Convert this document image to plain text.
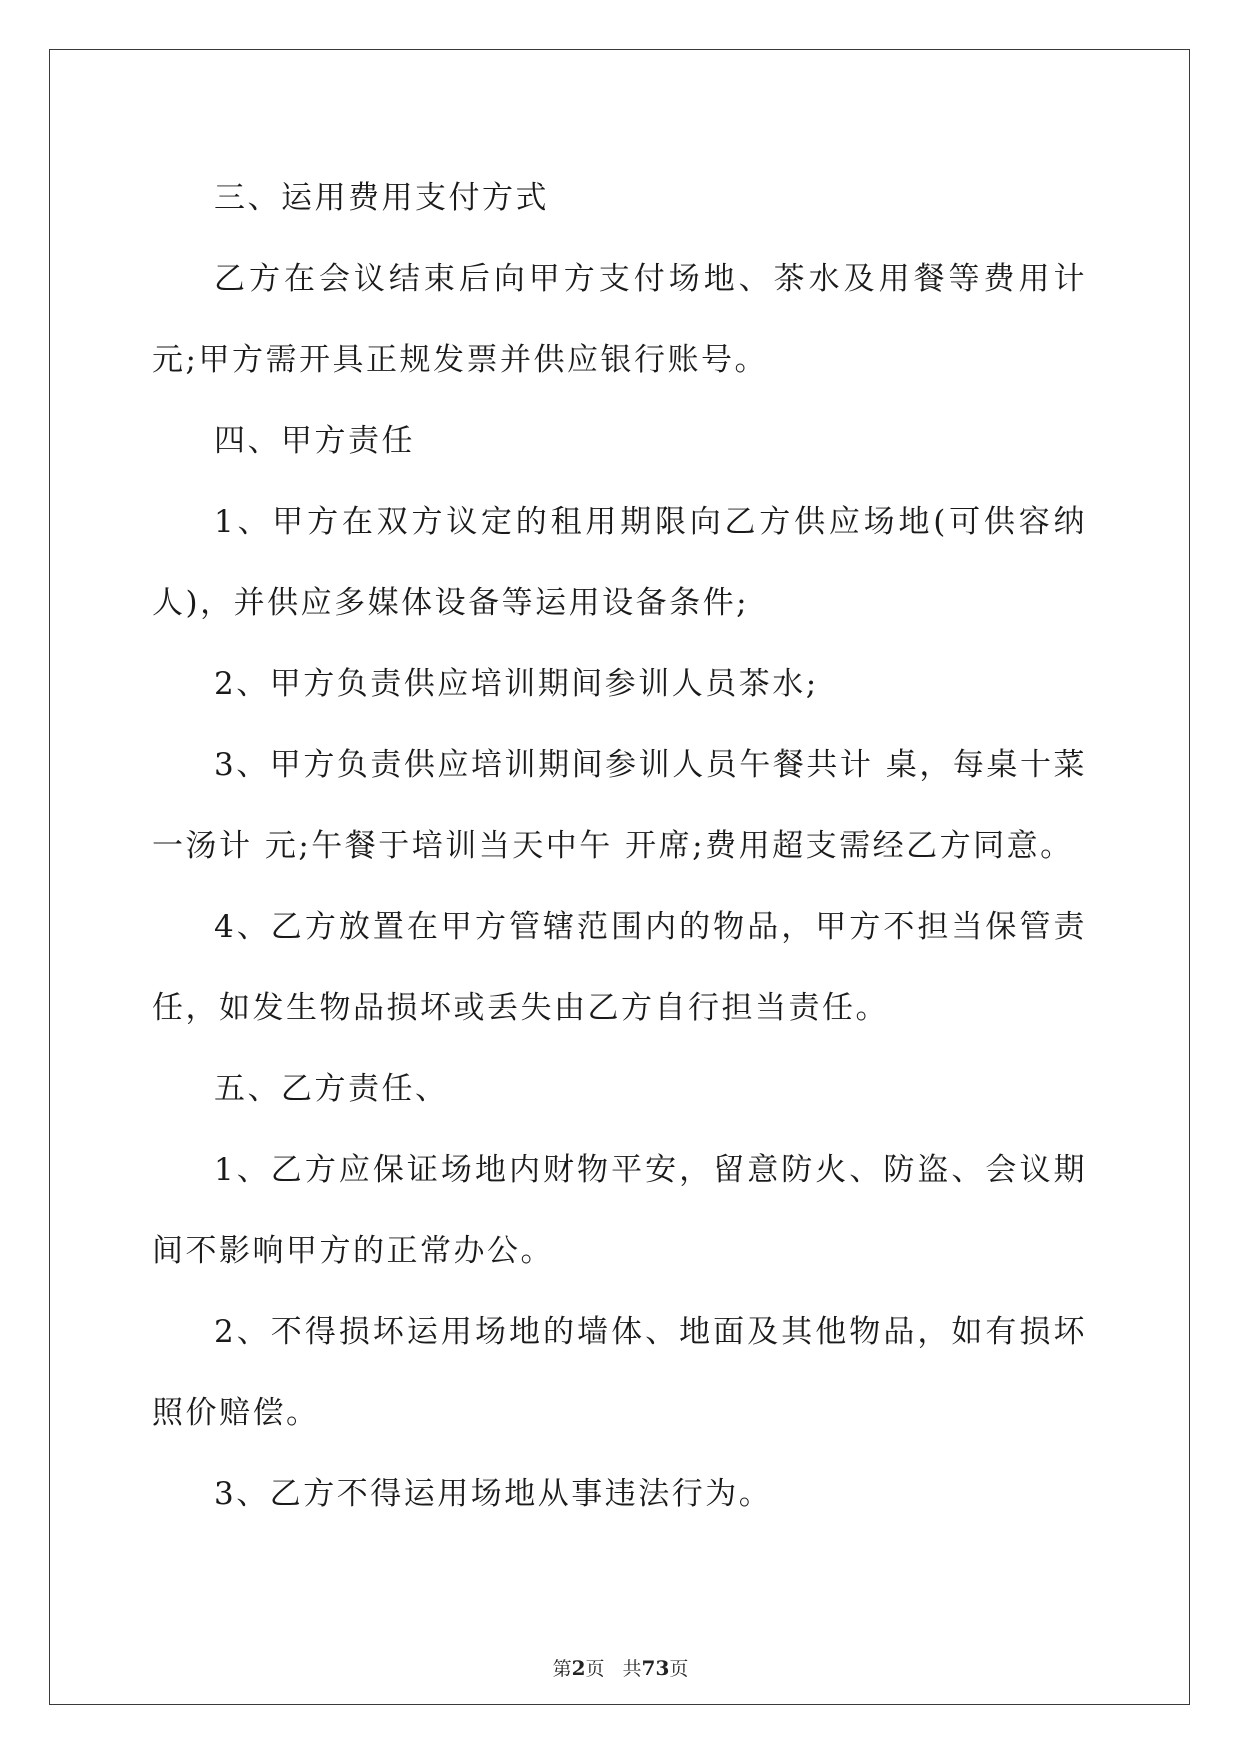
三、运用费用支付方式

乙方在会议结束后向甲方支付场地、茶水及用餐等费用计元;甲方需开具正规发票并供应银行账号。

四、甲方责任

1、甲方在双方议定的租用期限向乙方供应场地(可供容纳人)，并供应多媒体设备等运用设备条件;

2、甲方负责供应培训期间参训人员茶水;

3、甲方负责供应培训期间参训人员午餐共计 桌，每桌十菜一汤计 元;午餐于培训当天中午 开席;费用超支需经乙方同意。

4、乙方放置在甲方管辖范围内的物品，甲方不担当保管责任，如发生物品损坏或丢失由乙方自行担当责任。

五、乙方责任、

1、乙方应保证场地内财物平安，留意防火、防盗、会议期间不影响甲方的正常办公。

2、不得损坏运用场地的墙体、地面及其他物品，如有损坏照价赔偿。

3、乙方不得运用场地从事违法行为。

第2页 共73页
